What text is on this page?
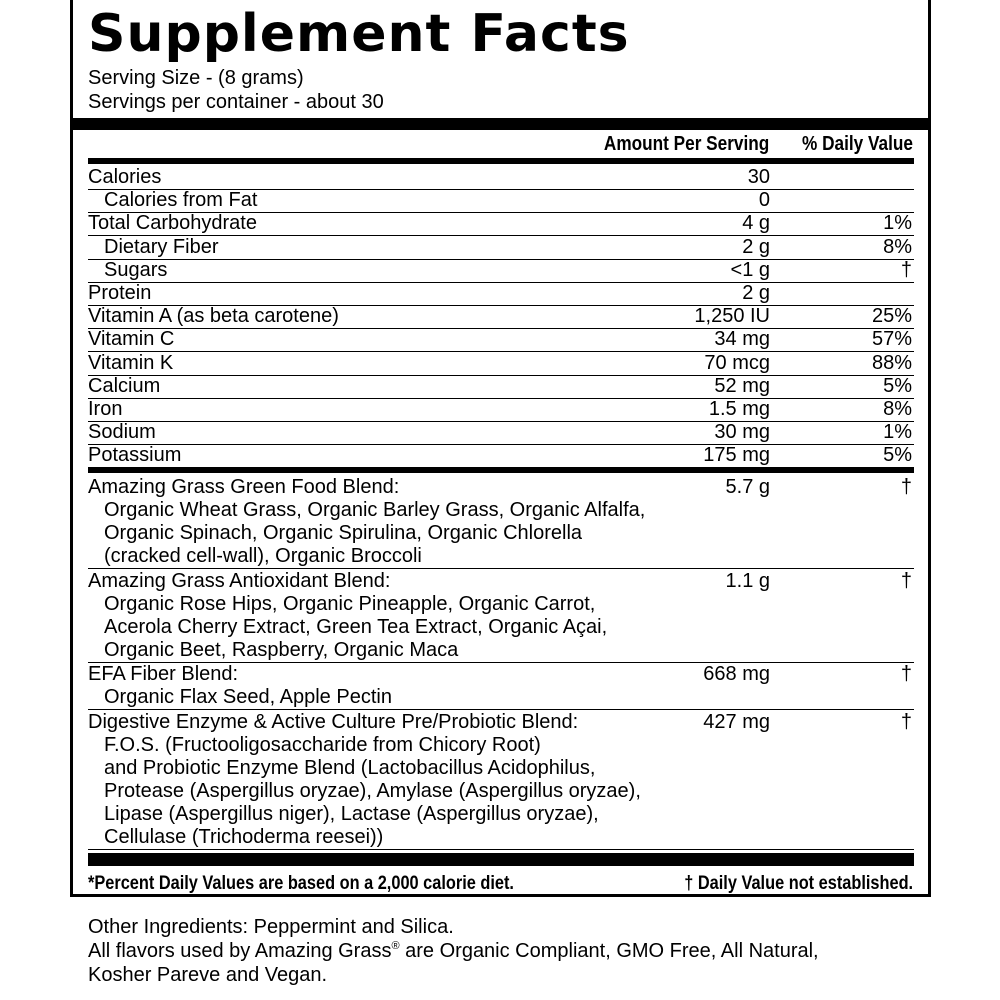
Supplement Facts
Serving Size - (8 grams)
Servings per container - about 30
Amount Per Serving % Daily Value
Calories	30
Calories from Fat	0
Total Carbohydrate	4 g	1%
Dietary Fiber	2 g	8%
Sugars	<1 g	†
Protein	2 g
Vitamin A (as beta carotene)	1,250 IU	25%
Vitamin C	34 mg	57%
Vitamin K	70 mcg	88%
Calcium	52 mg	5%
Iron	1.5 mg	8%
Sodium	30 mg	1%
Potassium	175 mg	5%
Amazing Grass Green Food Blend:	5.7 g	†
Organic Wheat Grass, Organic Barley Grass, Organic Alfalfa,
Organic Spinach, Organic Spirulina, Organic Chlorella
(cracked cell-wall), Organic Broccoli
Amazing Grass Antioxidant Blend:	1.1 g	†
Organic Rose Hips, Organic Pineapple, Organic Carrot,
Acerola Cherry Extract, Green Tea Extract, Organic Açai,
Organic Beet, Raspberry, Organic Maca
EFA Fiber Blend:	668 mg	†
Organic Flax Seed, Apple Pectin
Digestive Enzyme & Active Culture Pre/Probiotic Blend:	427 mg	†
F.O.S. (Fructooligosaccharide from Chicory Root)
and Probiotic Enzyme Blend (Lactobacillus Acidophilus,
Protease (Aspergillus oryzae), Amylase (Aspergillus oryzae),
Lipase (Aspergillus niger), Lactase (Aspergillus oryzae),
Cellulase (Trichoderma reesei))
*Percent Daily Values are based on a 2,000 calorie diet.	† Daily Value not established.
Other Ingredients: Peppermint and Silica.
All flavors used by Amazing Grass® are Organic Compliant, GMO Free, All Natural,
Kosher Pareve and Vegan.
